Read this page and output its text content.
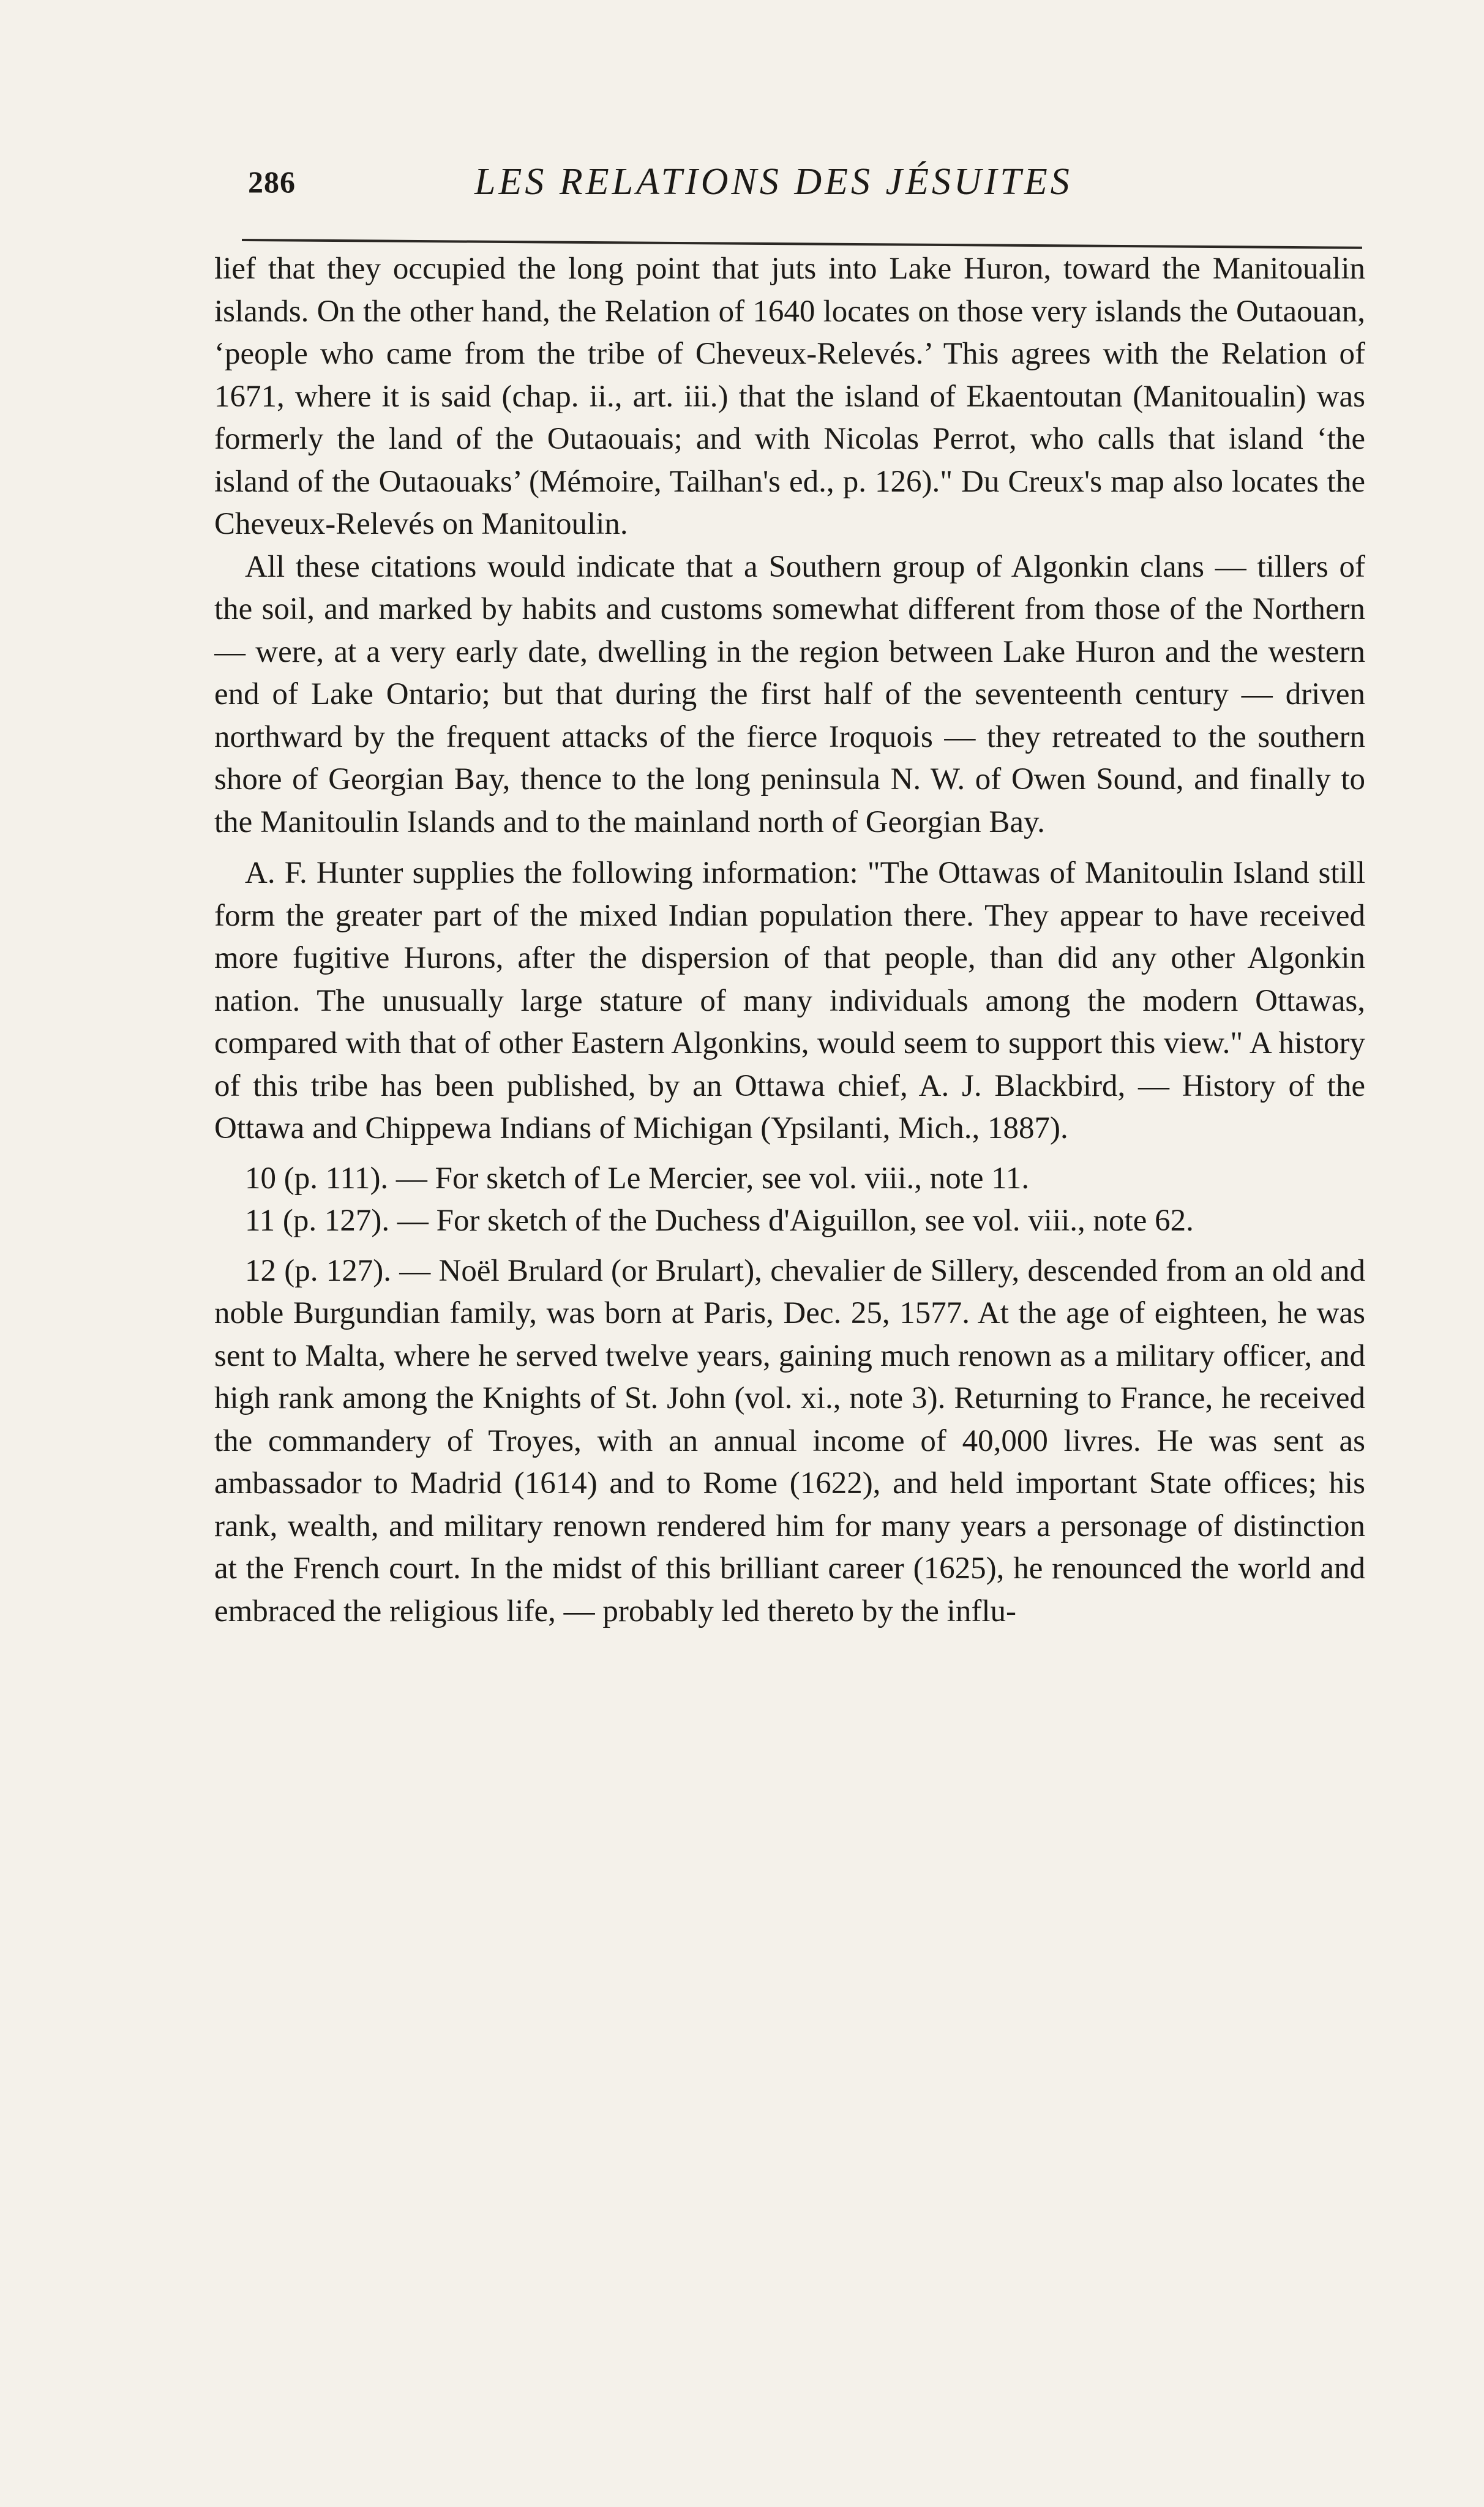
286	LES RELATIONS DES JÉSUITES

lief that they occupied the long point that juts into Lake Huron, toward the Manitoualin islands. On the other hand, the Relation of 1640 locates on those very islands the Outaouan, ‘people who came from the tribe of Cheveux-Relevés.’ This agrees with the Relation of 1671, where it is said (chap. ii., art. iii.) that the island of Ekaentoutan (Manitoualin) was formerly the land of the Outaouais; and with Nicolas Perrot, who calls that island ‘the island of the Outaouaks’ (Mémoire, Tailhan's ed., p. 126)." Du Creux's map also locates the Cheveux-Relevés on Manitoulin.

All these citations would indicate that a Southern group of Algonkin clans — tillers of the soil, and marked by habits and customs somewhat different from those of the Northern — were, at a very early date, dwelling in the region between Lake Huron and the western end of Lake Ontario; but that during the first half of the seventeenth century — driven northward by the frequent attacks of the fierce Iroquois — they retreated to the southern shore of Georgian Bay, thence to the long peninsula N. W. of Owen Sound, and finally to the Manitoulin Islands and to the mainland north of Georgian Bay.

A. F. Hunter supplies the following information: "The Ottawas of Manitoulin Island still form the greater part of the mixed Indian population there. They appear to have received more fugitive Hurons, after the dispersion of that people, than did any other Algonkin nation. The unusually large stature of many individuals among the modern Ottawas, compared with that of other Eastern Algonkins, would seem to support this view." A history of this tribe has been published, by an Ottawa chief, A. J. Blackbird, — History of the Ottawa and Chippewa Indians of Michigan (Ypsilanti, Mich., 1887).

10 (p. 111). — For sketch of Le Mercier, see vol. viii., note 11.

11 (p. 127). — For sketch of the Duchess d'Aiguillon, see vol. viii., note 62.

12 (p. 127). — Noël Brulard (or Brulart), chevalier de Sillery, descended from an old and noble Burgundian family, was born at Paris, Dec. 25, 1577. At the age of eighteen, he was sent to Malta, where he served twelve years, gaining much renown as a military officer, and high rank among the Knights of St. John (vol. xi., note 3). Returning to France, he received the commandery of Troyes, with an annual income of 40,000 livres. He was sent as ambassador to Madrid (1614) and to Rome (1622), and held important State offices; his rank, wealth, and military renown rendered him for many years a personage of distinction at the French court. In the midst of this brilliant career (1625), he renounced the world and embraced the religious life, — probably led thereto by the influ-
